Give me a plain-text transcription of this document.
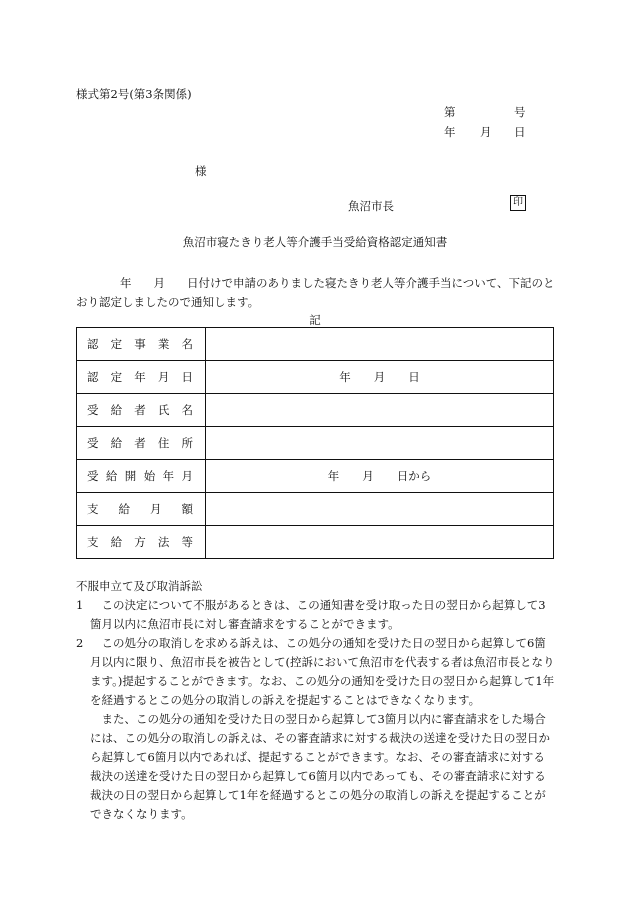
様式第2号(第3条関係)
第	号
年 月 日
様
魚沼市長	印
魚沼市寝たきり老人等介護手当受給資格認定通知書
年 月 日付けで申請のありました寝たきり老人等介護手当について、下記のとおり認定しましたので通知します。
記
認定事業名	
認定年月日	年　　月　　日
受給者氏名	
受給者住所	
受給開始年月	年　　月　　日から
支給月額	
支給方法等	

不服申立て及び取消訴訟

1	この決定について不服があるときは、この通知書を受け取った日の翌日から起算して3箇月以内に魚沼市長に対し審査請求をすることができます。
2	この処分の取消しを求める訴えは、この処分の通知を受けた日の翌日から起算して6箇月以内に限り、魚沼市長を被告として(控訴において魚沼市を代表する者は魚沼市長となります。)提起することができます。なお、この処分の通知を受けた日の翌日から起算して1年を経過するとこの処分の取消しの訴えを提起することはできなくなります。

また、この処分の通知を受けた日の翌日から起算して3箇月以内に審査請求をした場合には、この処分の取消しの訴えは、その審査請求に対する裁決の送達を受けた日の翌日から起算して6箇月以内であれば、提起することができます。なお、その審査請求に対する裁決の送達を受けた日の翌日から起算して6箇月以内であっても、その審査請求に対する裁決の日の翌日から起算して1年を経過するとこの処分の取消しの訴えを提起することができなくなります。
